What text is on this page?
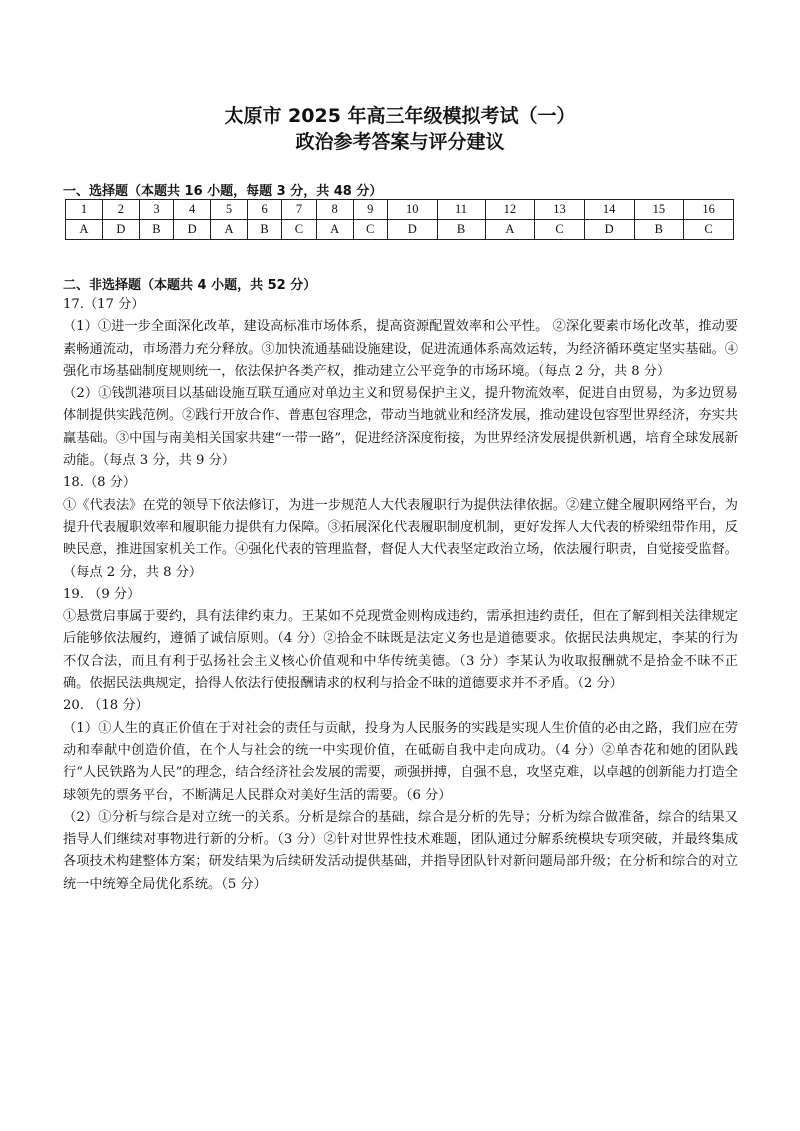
太原市 2025 年高三年级模拟考试（一）
政治参考答案与评分建议
一、选择题（本题共 16 小题，每题 3 分，共 48 分）
1	2	3	4	5	6	7	8	9	10	11	12	13	14	15	16
A	D	B	D	A	B	C	A	C	D	B	A	C	D	B	C
二、非选择题（本题共 4 小题，共 52 分）

17.（17 分）

（1）①进一步全面深化改革，建设高标准市场体系，提高资源配置效率和公平性。 ②深化要素市场化改革，推动要素畅通流动，市场潜力充分释放。③加快流通基础设施建设，促进流通体系高效运转，为经济循环奠定坚实基础。④强化市场基础制度规则统一，依法保护各类产权，推动建立公平竞争的市场环境。（每点 2 分，共 8 分）

（2）①钱凯港项目以基础设施互联互通应对单边主义和贸易保护主义，提升物流效率，促进自由贸易，为多边贸易体制提供实践范例。②践行开放合作、普惠包容理念，带动当地就业和经济发展，推动建设包容型世界经济，夯实共赢基础。③中国与南美相关国家共建“一带一路”，促进经济深度衔接，为世界经济发展提供新机遇，培育全球发展新动能。（每点 3 分，共 9 分）

18.（8 分）

①《代表法》在党的领导下依法修订，为进一步规范人大代表履职行为提供法律依据。②建立健全履职网络平台，为提升代表履职效率和履职能力提供有力保障。③拓展深化代表履职制度机制，更好发挥人大代表的桥梁纽带作用，反映民意，推进国家机关工作。④强化代表的管理监督，督促人大代表坚定政治立场，依法履行职责，自觉接受监督。（每点 2 分，共 8 分）

19. （9 分）

①悬赏启事属于要约，具有法律约束力。王某如不兑现赏金则构成违约，需承担违约责任，但在了解到相关法律规定后能够依法履约，遵循了诚信原则。（4 分）②拾金不昧既是法定义务也是道德要求。依据民法典规定，李某的行为不仅合法，而且有利于弘扬社会主义核心价值观和中华传统美德。（3 分）李某认为收取报酬就不是拾金不昧不正确。依据民法典规定，拾得人依法行使报酬请求的权利与拾金不昧的道德要求并不矛盾。（2 分）

20. （18 分）

（1）①人生的真正价值在于对社会的责任与贡献，投身为人民服务的实践是实现人生价值的必由之路，我们应在劳动和奉献中创造价值，在个人与社会的统一中实现价值，在砥砺自我中走向成功。（4 分）②单杏花和她的团队践行“人民铁路为人民”的理念，结合经济社会发展的需要，顽强拼搏，自强不息，攻坚克难，以卓越的创新能力打造全球领先的票务平台，不断满足人民群众对美好生活的需要。（6 分）

（2）①分析与综合是对立统一的关系。分析是综合的基础，综合是分析的先导；分析为综合做准备，综合的结果又指导人们继续对事物进行新的分析。（3 分）②针对世界性技术难题，团队通过分解系统模块专项突破，并最终集成各项技术构建整体方案；研发结果为后续研发活动提供基础，并指导团队针对新问题局部升级；在分析和综合的对立统一中统筹全局优化系统。（5 分）
